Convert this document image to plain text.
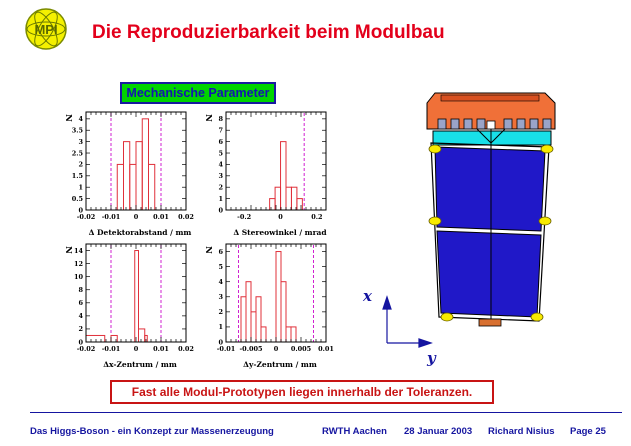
MPI Die Reproduzierbarkeit beim Modulbau
Mechanische Parameter
-0.02 -0.01 0 0.01 0.02
0
0.5
1
1.5
2
2.5
3
3.5
4
N
Δ Detektorabstand / mm
-0.2	0	0.2
0
1
2
3
4
5
6
7
8
N
Δ Stereowinkel / mrad
-0.02 -0.01 0 0.01 0.02
0
2
4
6
8
10
12
14
N
Δx-Zentrum / mm
-0.01 -0.005 0 0.005 0.01
0
1
2
3
4
5
6
N
Δy-Zentrum / mm
x
y
Fast alle Modul-Prototypen liegen innerhalb der Toleranzen.
Das Higgs-Boson - ein Konzept zur Massenerzeugung	RWTH Aachen 28 Januar 2003 Richard Nisius Page 25
